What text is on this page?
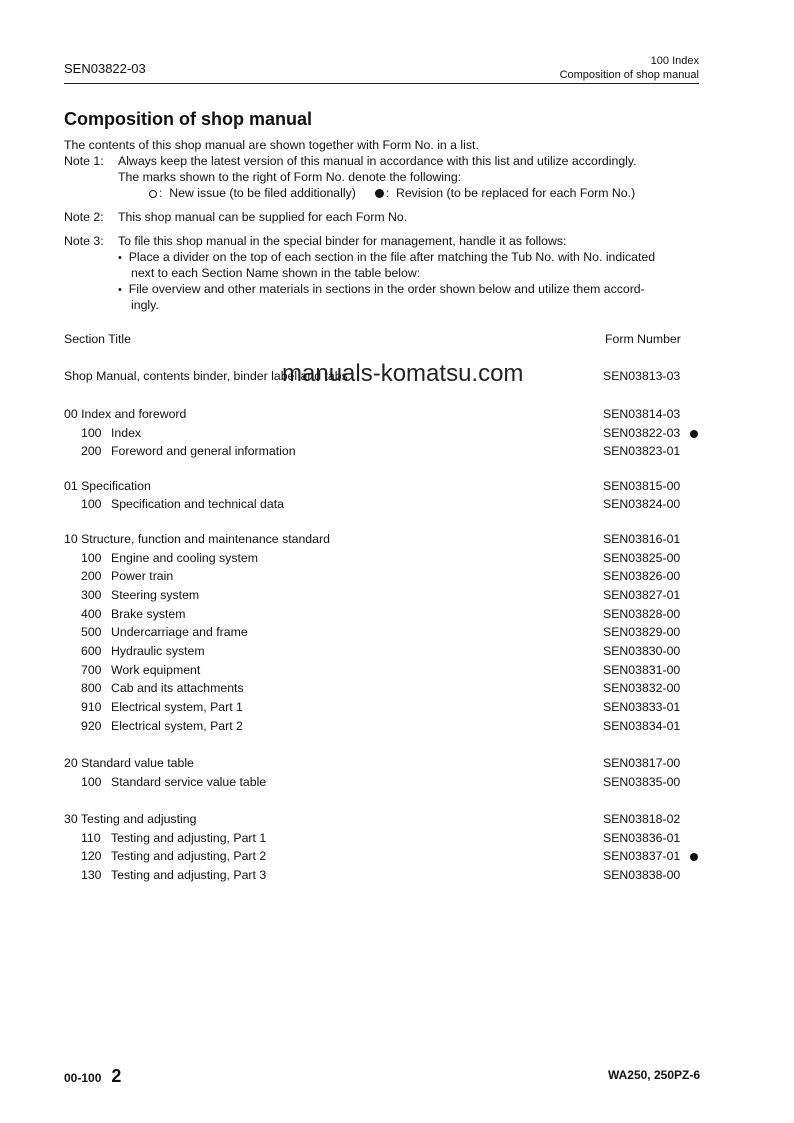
SEN03822-03	100 Index
Composition of shop manual
Composition of shop manual
The contents of this shop manual are shown together with Form No. in a list.
Note 1: Always keep the latest version of this manual in accordance with this list and utilize accordingly.
The marks shown to the right of Form No. denote the following:
:  New issue (to be filed additionally) :  Revision (to be replaced for each Form No.)
Note 2: This shop manual can be supplied for each Form No.
Note 3: To file this shop manual in the special binder for management, handle it as follows:
• Place a divider on the top of each section in the file after matching the Tub No. with No. indicated
next to each Section Name shown in the table below:
• File overview and other materials in sections in the order shown below and utilize them accord-
ingly.
Section Title	Form Number
Shop Manual, contents binder, binder label and tabs	SEN03813-03
00 Index and foreword	SEN03814-03
100 Index	SEN03822-03
200 Foreword and general information	SEN03823-01
01 Specification	SEN03815-00
100 Specification and technical data	SEN03824-00
10 Structure, function and maintenance standard	SEN03816-01
100 Engine and cooling system	SEN03825-00
200 Power train	SEN03826-00
300 Steering system	SEN03827-01
400 Brake system	SEN03828-00
500 Undercarriage and frame	SEN03829-00
600 Hydraulic system	SEN03830-00
700 Work equipment	SEN03831-00
800 Cab and its attachments	SEN03832-00
910 Electrical system, Part 1	SEN03833-01
920 Electrical system, Part 2	SEN03834-01
20 Standard value table	SEN03817-00
100 Standard service value table	SEN03835-00
30 Testing and adjusting	SEN03818-02
110 Testing and adjusting, Part 1	SEN03836-01
120 Testing and adjusting, Part 2	SEN03837-01
130 Testing and adjusting, Part 3	SEN03838-00
manuals-komatsu.com
00-100 2	WA250, 250PZ-6
